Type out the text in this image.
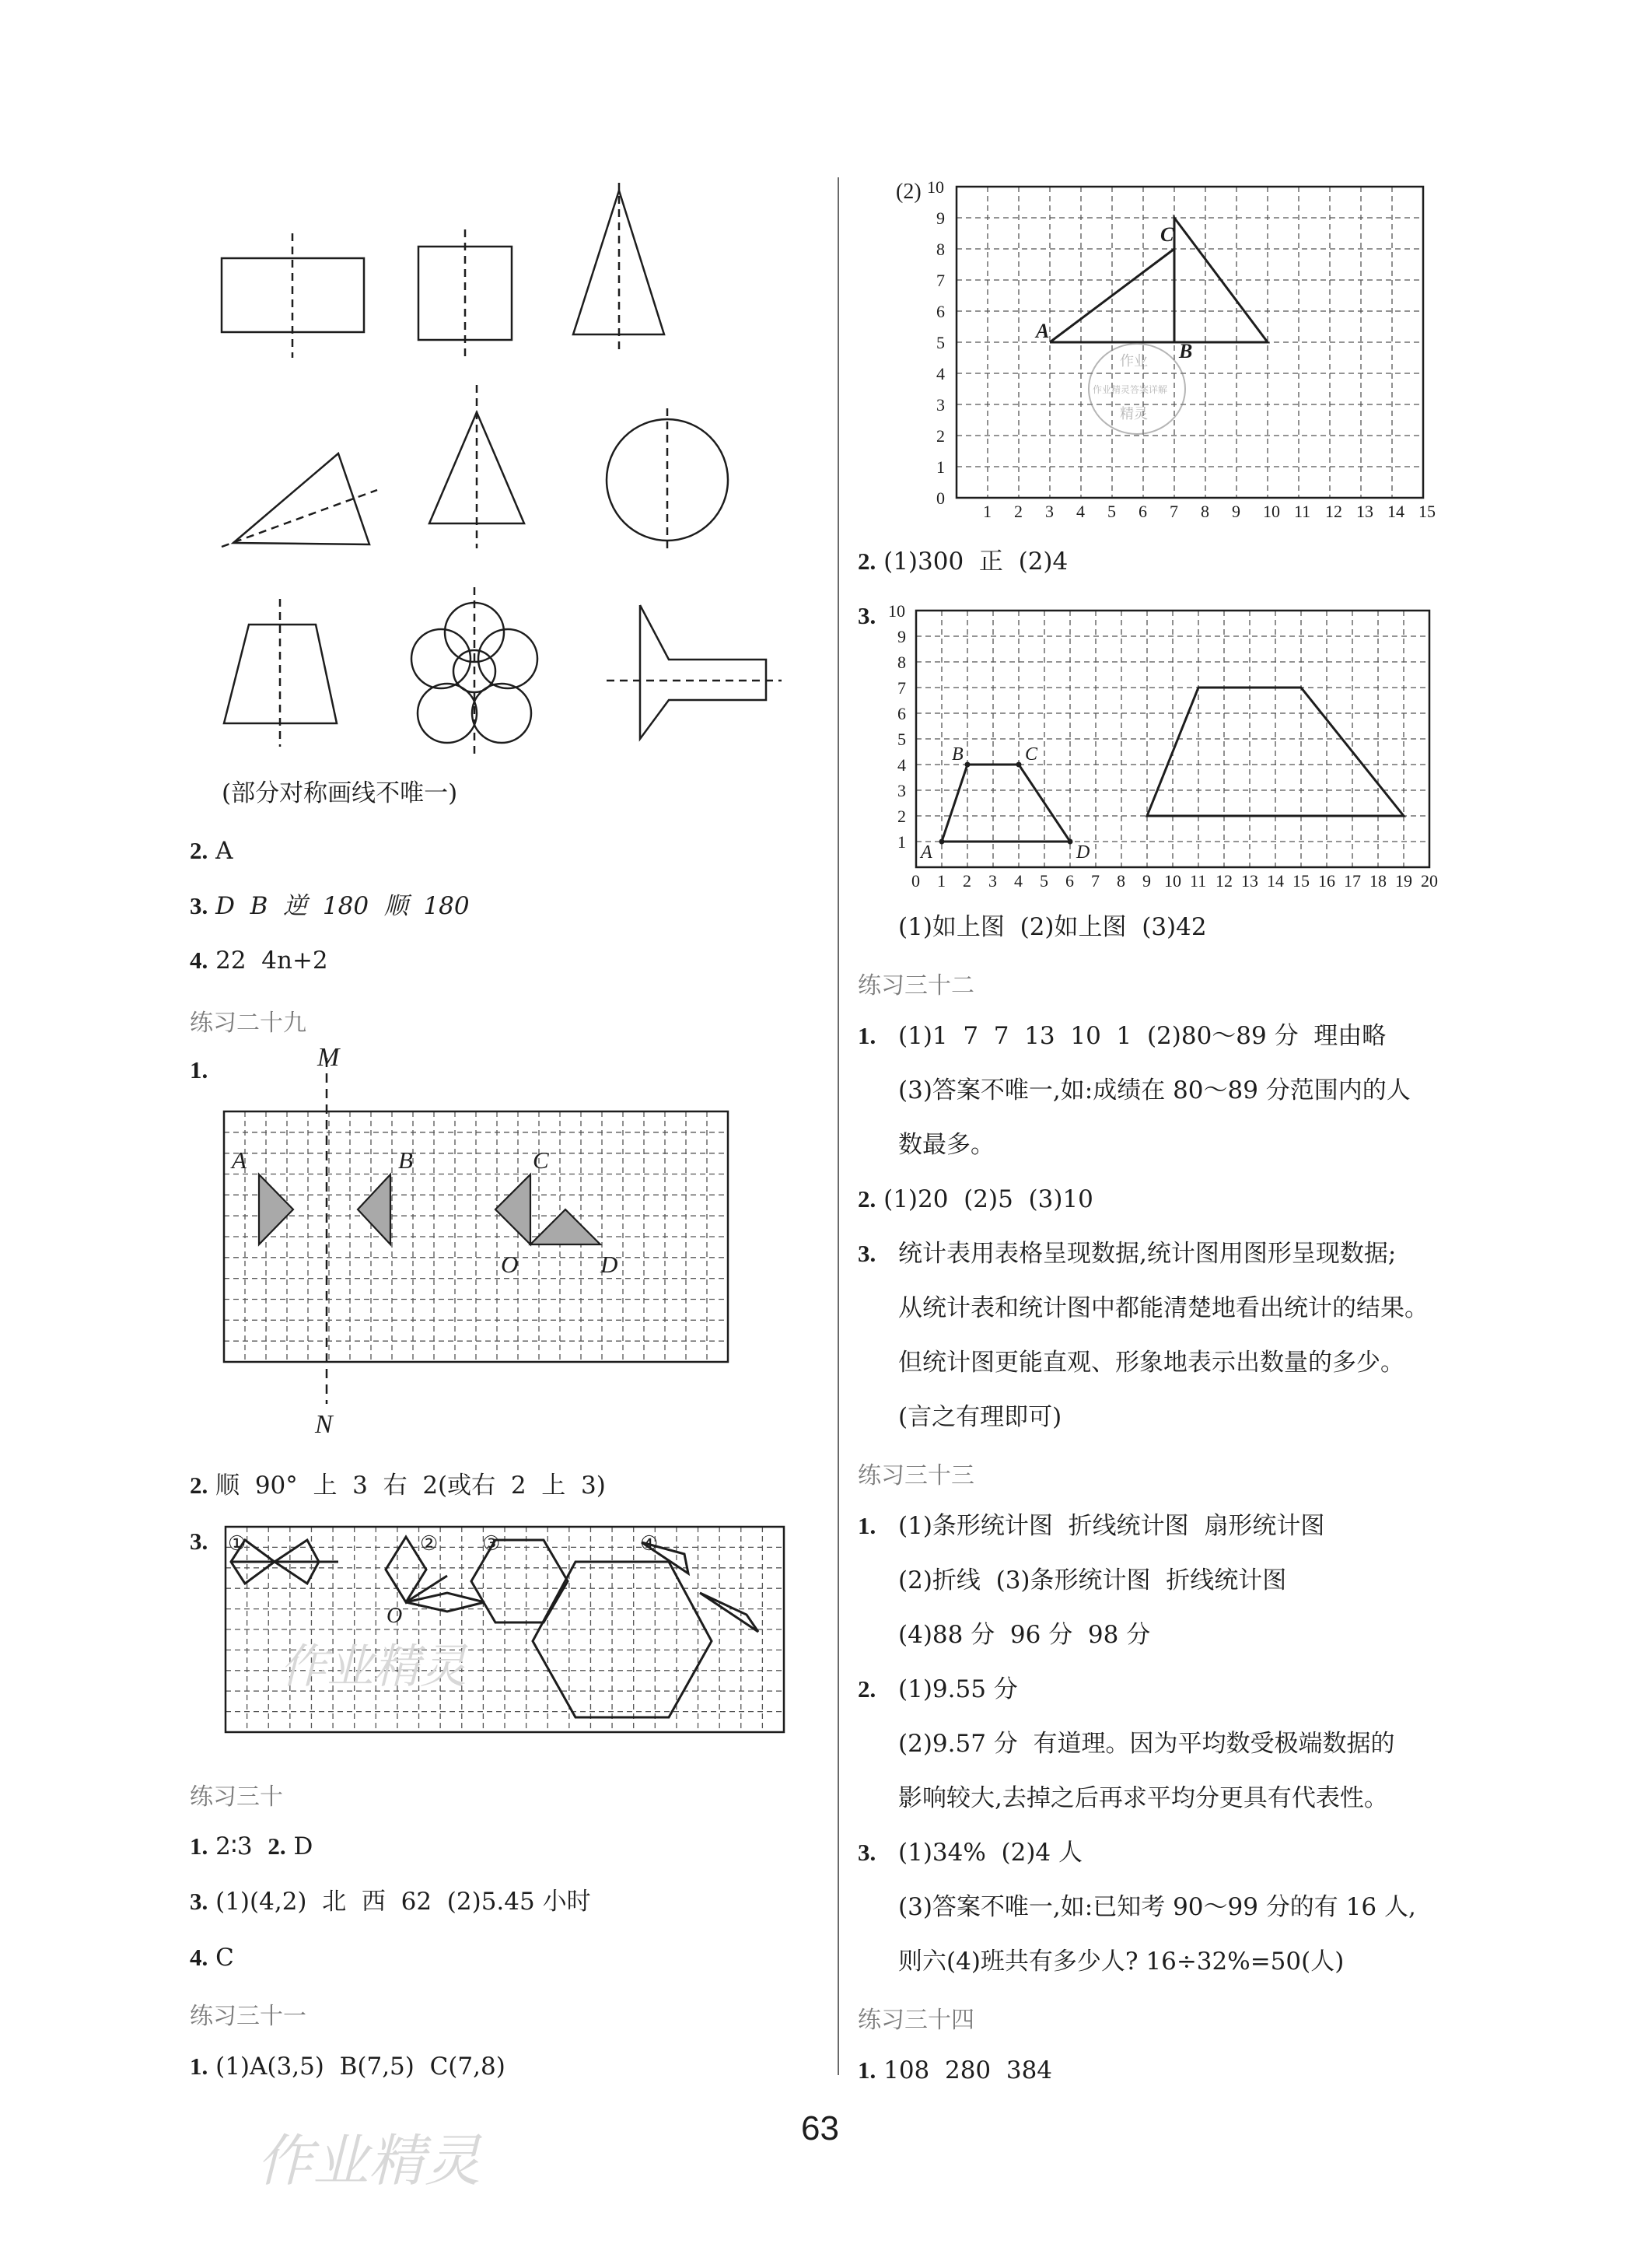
(部分对称画线不唯一)
2. A
3. D  B  逆  180  顺  180
4. 22  4n+2
练习二十九
1.	M
N
A	B	C
O	D
2. 顺  90°  上  3  右  2(或右  2  上  3)
3. ①	② ③	④
O
练习三十
1. 2∶3 2. D
3. (1)(4,2)  北  西  62  (2)5.45 小时
4. C
练习三十一
1. (1)A(3,5)  B(7,5)  C(7,8)
(2)
1 2 3 4 5 6 7 8 9 10 11 12 13 14 15
0
1
2
3
4
5
6
7
8
9
10
A
B
C
作业
作业精灵答案详解
精灵
2. (1)300  正  (2)4
3.
0 1 2 3 4 5 6 7 8 9 10 11 12 13 14 15 16 17 18 19 20
1
2
3
4
5
6
7
8
9
10
A
B	C
D
(1)如上图  (2)如上图  (3)42
练习三十二
1. (1)1  7  7  13  10  1  (2)80～89 分  理由略
(3)答案不唯一,如:成绩在 80～89 分范围内的人
数最多。
2. (1)20  (2)5  (3)10
3. 统计表用表格呈现数据,统计图用图形呈现数据;
从统计表和统计图中都能清楚地看出统计的结果。
但统计图更能直观、形象地表示出数量的多少。
(言之有理即可)
练习三十三
1. (1)条形统计图  折线统计图  扇形统计图
(2)折线  (3)条形统计图  折线统计图
(4)88 分  96 分  98 分
2. (1)9.55 分
(2)9.57 分  有道理。因为平均数受极端数据的
影响较大,去掉之后再求平均分更具有代表性。
3. (1)34%  (2)4 人
(3)答案不唯一,如:已知考 90～99 分的有 16 人,
则六(4)班共有多少人? 16÷32%=50(人)
练习三十四
1. 108  280  384
63
作业精灵
作业精灵
